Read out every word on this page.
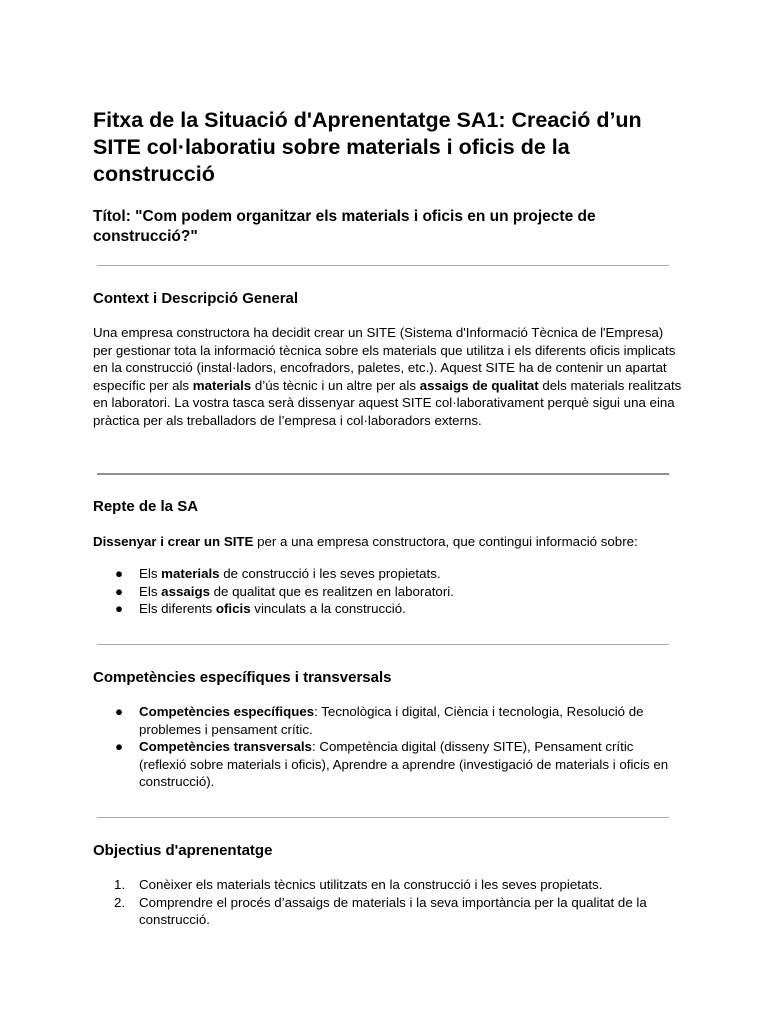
Fitxa de la Situació d'Aprenentatge SA1: Creació d’un SITE col·laboratiu sobre materials i oficis de la construcció

Títol: "Com podem organitzar els materials i oficis en un projecte de construcció?"

Context i Descripció General

Una empresa constructora ha decidit crear un SITE (Sistema d'Informació Tècnica de l'Empresa) per gestionar tota la informació tècnica sobre els materials que utilitza i els diferents oficis implicats en la construcció (instal·ladors, encofradors, paletes, etc.). Aquest SITE ha de contenir un apartat específic per als materials d’ús tècnic i un altre per als assaigs de qualitat dels materials realitzats en laboratori. La vostra tasca serà dissenyar aquest SITE col·laborativament perquè sigui una eina pràctica per als treballadors de l’empresa i col·laboradors externs.

Repte de la SA

Dissenyar i crear un SITE per a una empresa constructora, que contingui informació sobre:

● Els materials de construcció i les seves propietats.
● Els assaigs de qualitat que es realitzen en laboratori.
● Els diferents oficis vinculats a la construcció.
Competències específiques i transversals
● Competències específiques: Tecnològica i digital, Ciència i tecnologia, Resolució de problemes i pensament crític.
● Competències transversals: Competència digital (disseny SITE), Pensament crític (reflexió sobre materials i oficis), Aprendre a aprendre (investigació de materials i oficis en construcció).
Objectius d'aprenentatge
1. Conèixer els materials tècnics utilitzats en la construcció i les seves propietats.
2. Comprendre el procés d’assaigs de materials i la seva importància per la qualitat de la construcció.
